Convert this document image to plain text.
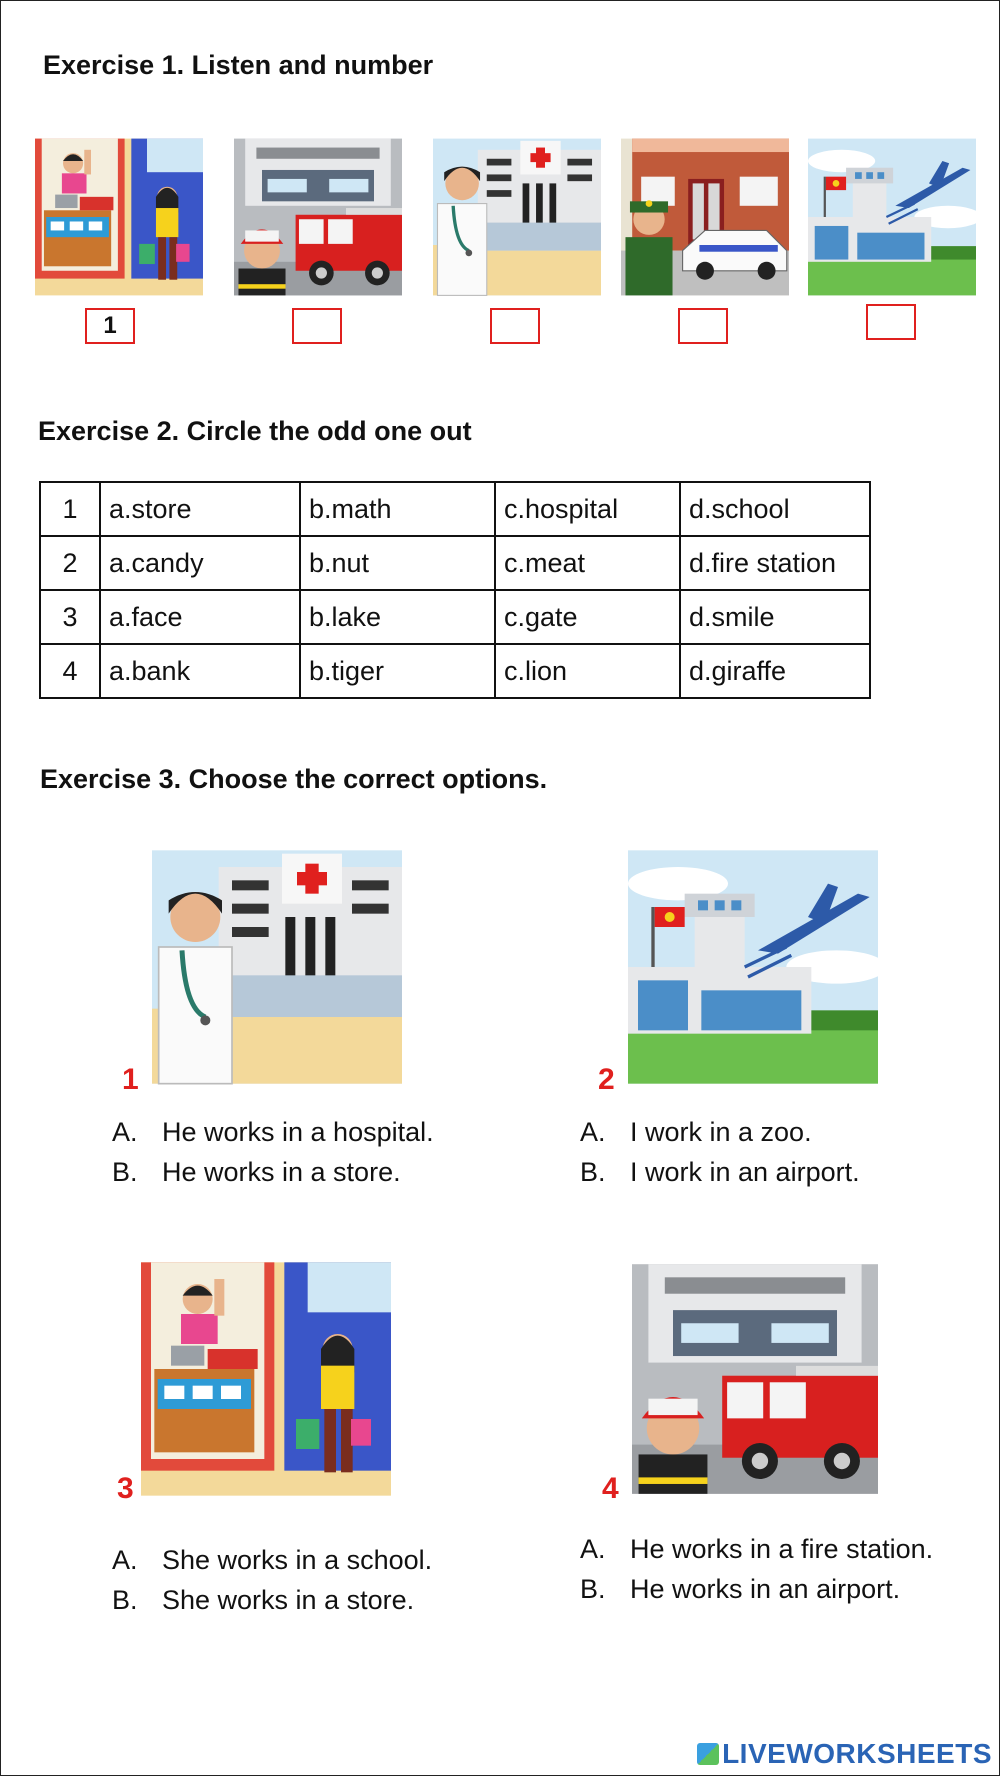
Exercise 1. Listen and number
1
Exercise 2. Circle the odd one out
1	a.store	b.math	c.hospital	d.school
2	a.candy	b.nut	c.meat	d.fire station
3	a.face	b.lake	c.gate	d.smile
4	a.bank	b.tiger	c.lion	d.giraffe
Exercise 3. Choose the correct options.
1
A. He works in a hospital.
B. He works in a store.
2
A. I work in a zoo.
B. I work in an airport.
3
A. She works in a school.
B. She works in a store.
4
A. He works in a fire station.
B. He works in an airport.
LIVEWORKSHEETS
